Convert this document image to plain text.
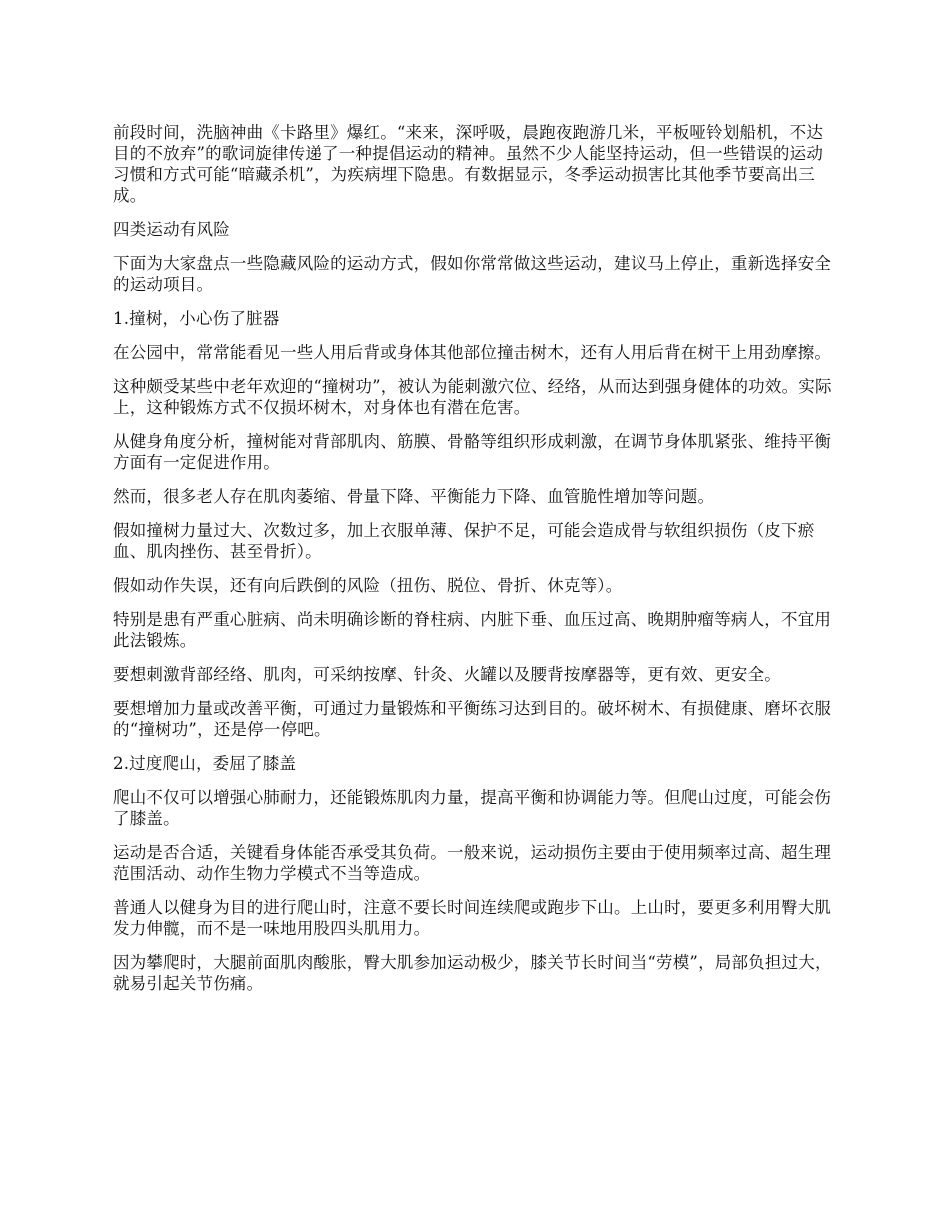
前段时间，洗脑神曲《卡路里》爆红。“来来，深呼吸，晨跑夜跑游几米，平板哑铃划船机，不达目的不放弃”的歌词旋律传递了一种提倡运动的精神。虽然不少人能坚持运动，但一些错误的运动习惯和方式可能“暗藏杀机”，为疾病埋下隐患。有数据显示，冬季运动损害比其他季节要高出三成。

四类运动有风险

下面为大家盘点一些隐藏风险的运动方式，假如你常常做这些运动，建议马上停止，重新选择安全的运动项目。

1.撞树，小心伤了脏器

在公园中，常常能看见一些人用后背或身体其他部位撞击树木，还有人用后背在树干上用劲摩擦。

这种颇受某些中老年欢迎的“撞树功”，被认为能刺激穴位、经络，从而达到强身健体的功效。实际上，这种锻炼方式不仅损坏树木，对身体也有潜在危害。

从健身角度分析，撞树能对背部肌肉、筋膜、骨骼等组织形成刺激，在调节身体肌紧张、维持平衡方面有一定促进作用。

然而，很多老人存在肌肉萎缩、骨量下降、平衡能力下降、血管脆性增加等问题。

假如撞树力量过大、次数过多，加上衣服单薄、保护不足，可能会造成骨与软组织损伤（皮下瘀血、肌肉挫伤、甚至骨折）。

假如动作失误，还有向后跌倒的风险（扭伤、脱位、骨折、休克等）。

特别是患有严重心脏病、尚未明确诊断的脊柱病、内脏下垂、血压过高、晚期肿瘤等病人，不宜用此法锻炼。

要想刺激背部经络、肌肉，可采纳按摩、针灸、火罐以及腰背按摩器等，更有效、更安全。

要想增加力量或改善平衡，可通过力量锻炼和平衡练习达到目的。破坏树木、有损健康、磨坏衣服的“撞树功”，还是停一停吧。

2.过度爬山，委屈了膝盖

爬山不仅可以增强心肺耐力，还能锻炼肌肉力量，提高平衡和协调能力等。但爬山过度，可能会伤了膝盖。

运动是否合适，关键看身体能否承受其负荷。一般来说，运动损伤主要由于使用频率过高、超生理范围活动、动作生物力学模式不当等造成。

普通人以健身为目的进行爬山时，注意不要长时间连续爬或跑步下山。上山时，要更多利用臀大肌发力伸髋，而不是一味地用股四头肌用力。

因为攀爬时，大腿前面肌肉酸胀，臀大肌参加运动极少，膝关节长时间当“劳模”，局部负担过大，就易引起关节伤痛。
